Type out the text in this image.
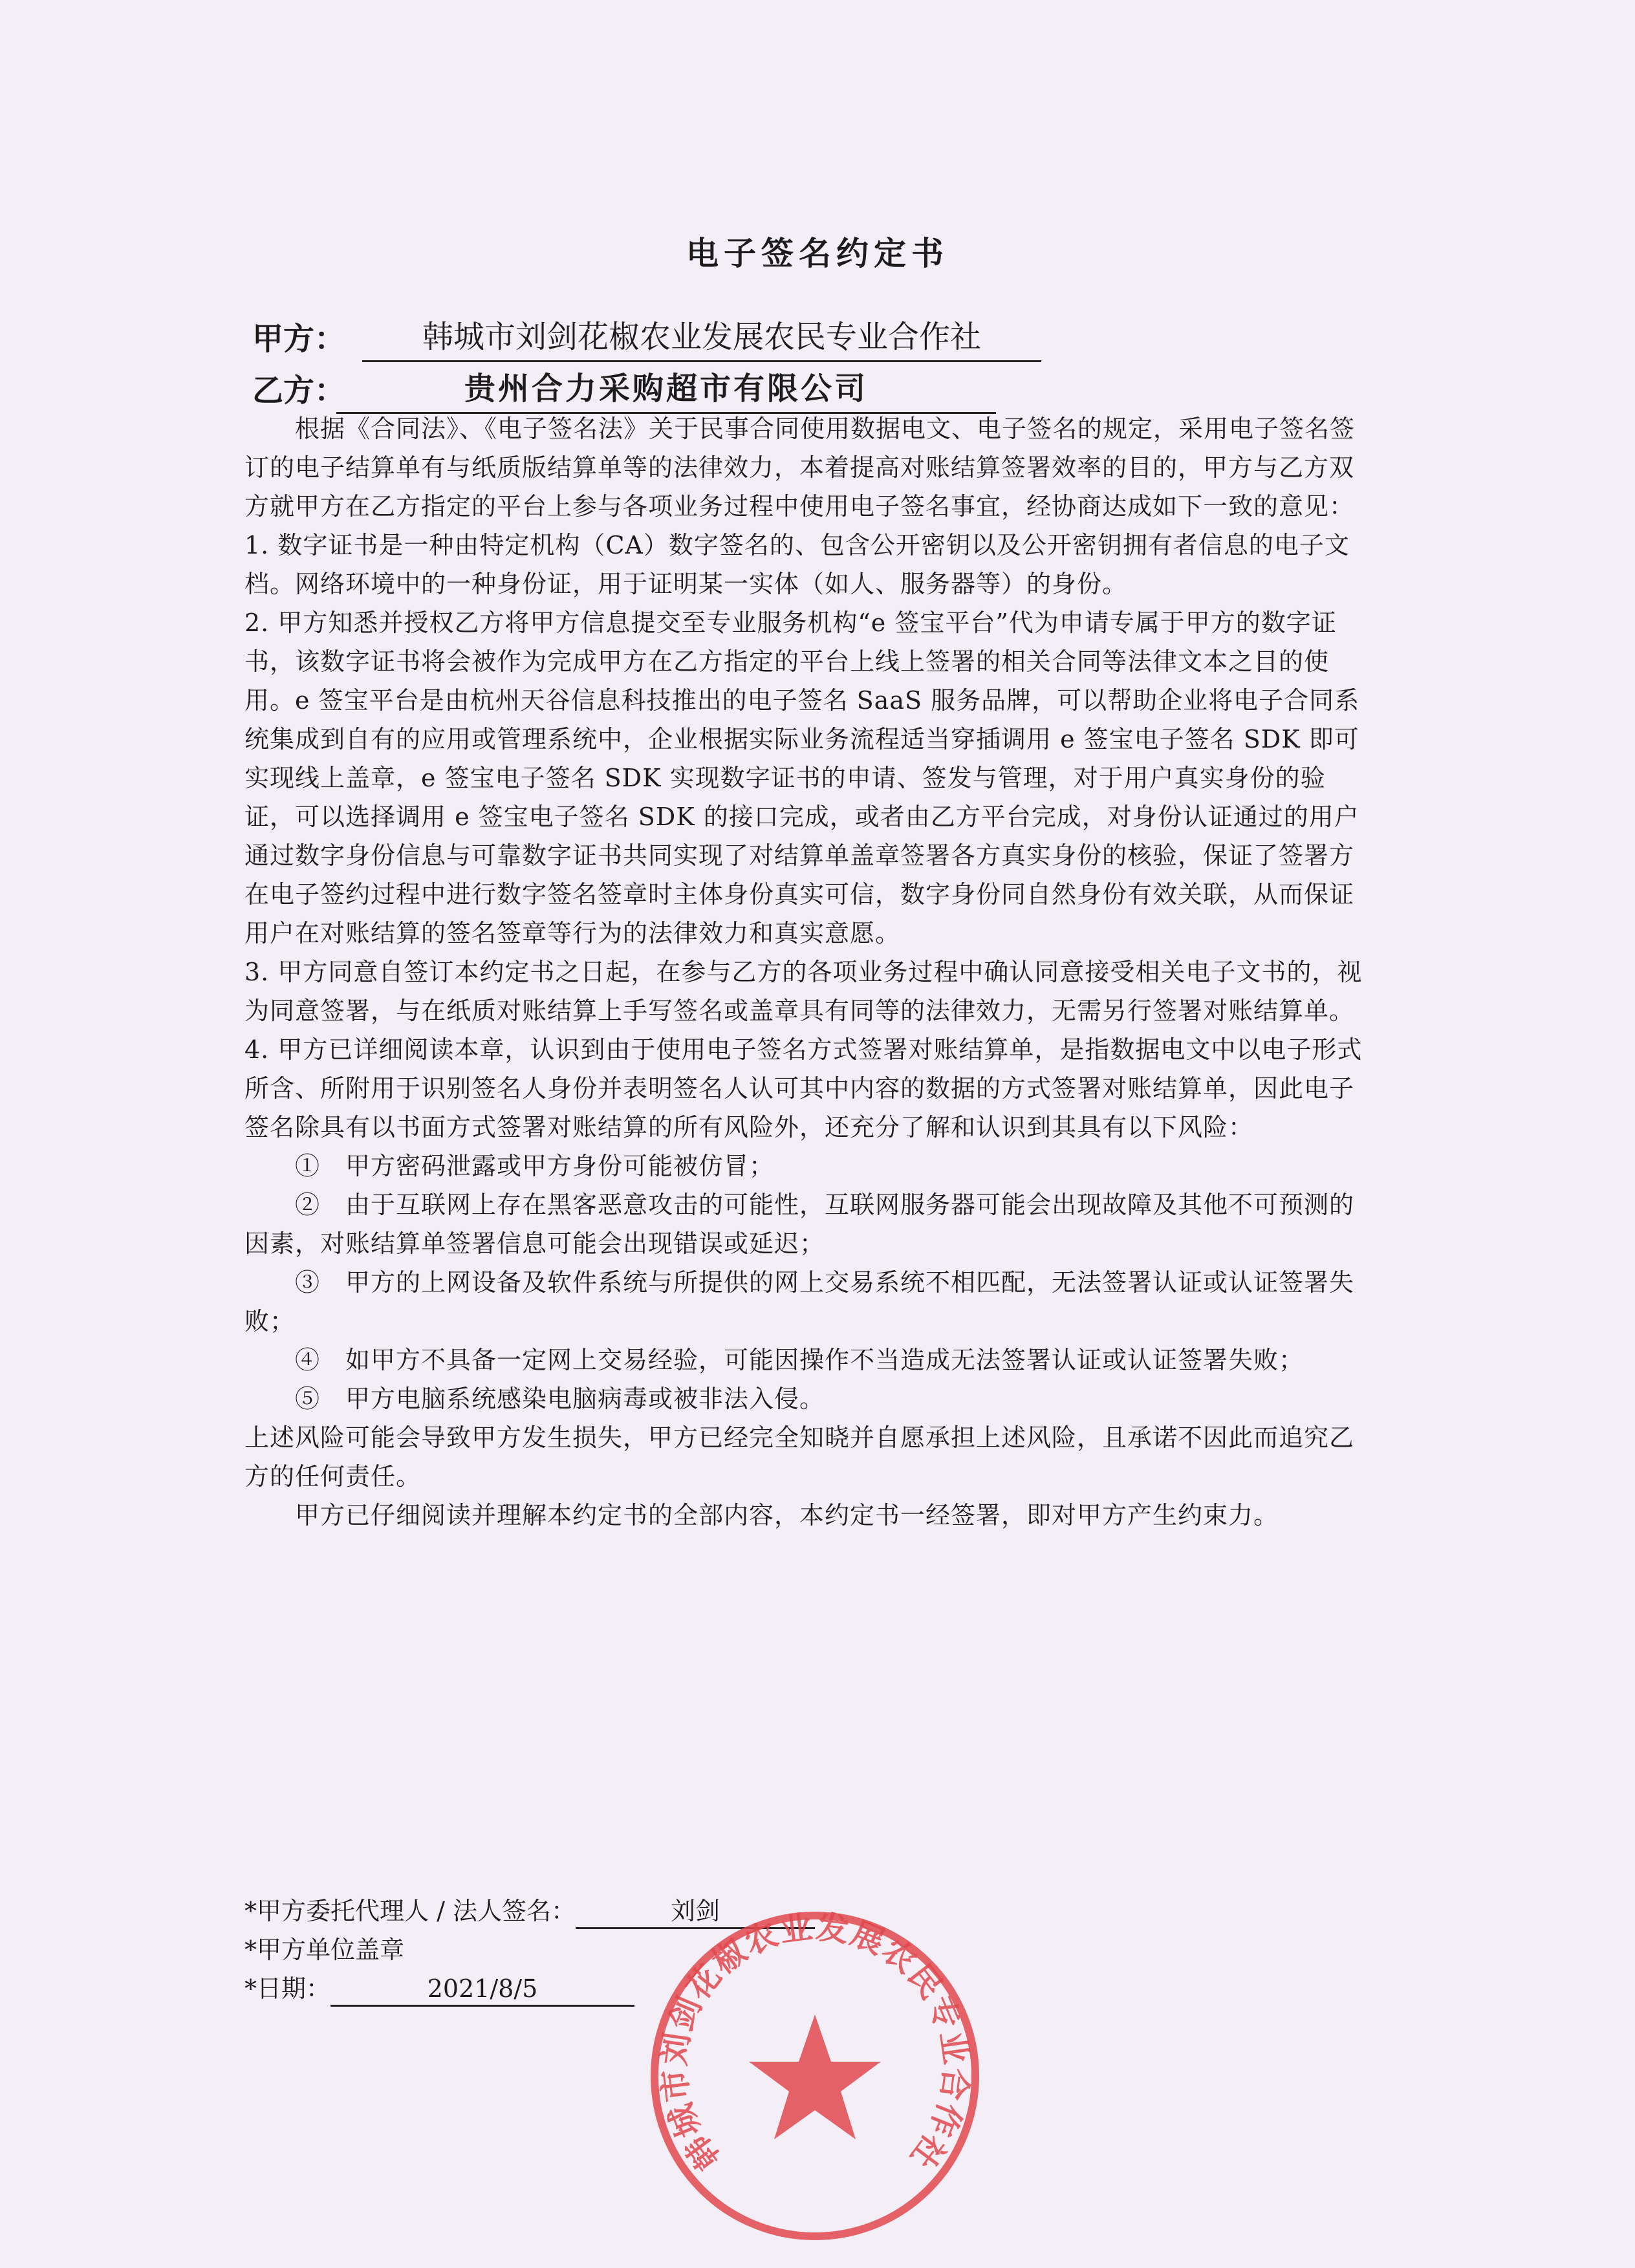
电子签名约定书
甲方：	韩城市刘剑花椒农业发展农民专业合作社
乙方：	贵州合力采购超市有限公司

根据《合同法》、《电子签名法》关于民事合同使用数据电文、电子签名的规定，采用电子签名签订的电子结算单有与纸质版结算单等的法律效力，本着提高对账结算签署效率的目的，甲方与乙方双方就甲方在乙方指定的平台上参与各项业务过程中使用电子签名事宜，经协商达成如下一致的意见：

1. 数字证书是一种由特定机构（CA）数字签名的、包含公开密钥以及公开密钥拥有者信息的电子文档。网络环境中的一种身份证，用于证明某一实体（如人、服务器等）的身份。

2. 甲方知悉并授权乙方将甲方信息提交至专业服务机构“e 签宝平台”代为申请专属于甲方的数字证书，该数字证书将会被作为完成甲方在乙方指定的平台上线上签署的相关合同等法律文本之目的使用。e 签宝平台是由杭州天谷信息科技推出的电子签名 SaaS 服务品牌，可以帮助企业将电子合同系统集成到自有的应用或管理系统中，企业根据实际业务流程适当穿插调用 e 签宝电子签名 SDK 即可实现线上盖章，e 签宝电子签名 SDK 实现数字证书的申请、签发与管理，对于用户真实身份的验证，可以选择调用 e 签宝电子签名 SDK 的接口完成，或者由乙方平台完成，对身份认证通过的用户通过数字身份信息与可靠数字证书共同实现了对结算单盖章签署各方真实身份的核验，保证了签署方在电子签约过程中进行数字签名签章时主体身份真实可信，数字身份同自然身份有效关联，从而保证用户在对账结算的签名签章等行为的法律效力和真实意愿。

3. 甲方同意自签订本约定书之日起，在参与乙方的各项业务过程中确认同意接受相关电子文书的，视为同意签署，与在纸质对账结算上手写签名或盖章具有同等的法律效力，无需另行签署对账结算单。

4. 甲方已详细阅读本章，认识到由于使用电子签名方式签署对账结算单，是指数据电文中以电子形式所含、所附用于识别签名人身份并表明签名人认可其中内容的数据的方式签署对账结算单，因此电子签名除具有以书面方式签署对账结算的所有风险外，还充分了解和认识到其具有以下风险：

①　甲方密码泄露或甲方身份可能被仿冒；

②　由于互联网上存在黑客恶意攻击的可能性，互联网服务器可能会出现故障及其他不可预测的因素，对账结算单签署信息可能会出现错误或延迟；

③　甲方的上网设备及软件系统与所提供的网上交易系统不相匹配，无法签署认证或认证签署失败；

④　如甲方不具备一定网上交易经验，可能因操作不当造成无法签署认证或认证签署失败；

⑤　甲方电脑系统感染电脑病毒或被非法入侵。

上述风险可能会导致甲方发生损失，甲方已经完全知晓并自愿承担上述风险，且承诺不因此而追究乙方的任何责任。

甲方已仔细阅读并理解本约定书的全部内容，本约定书一经签署，即对甲方产生约束力。

*甲方委托代理人 / 法人签名：	刘剑
*甲方单位盖章
*日期：	2021/8/5
韩城市刘剑花椒农业发展农民专业合作社
